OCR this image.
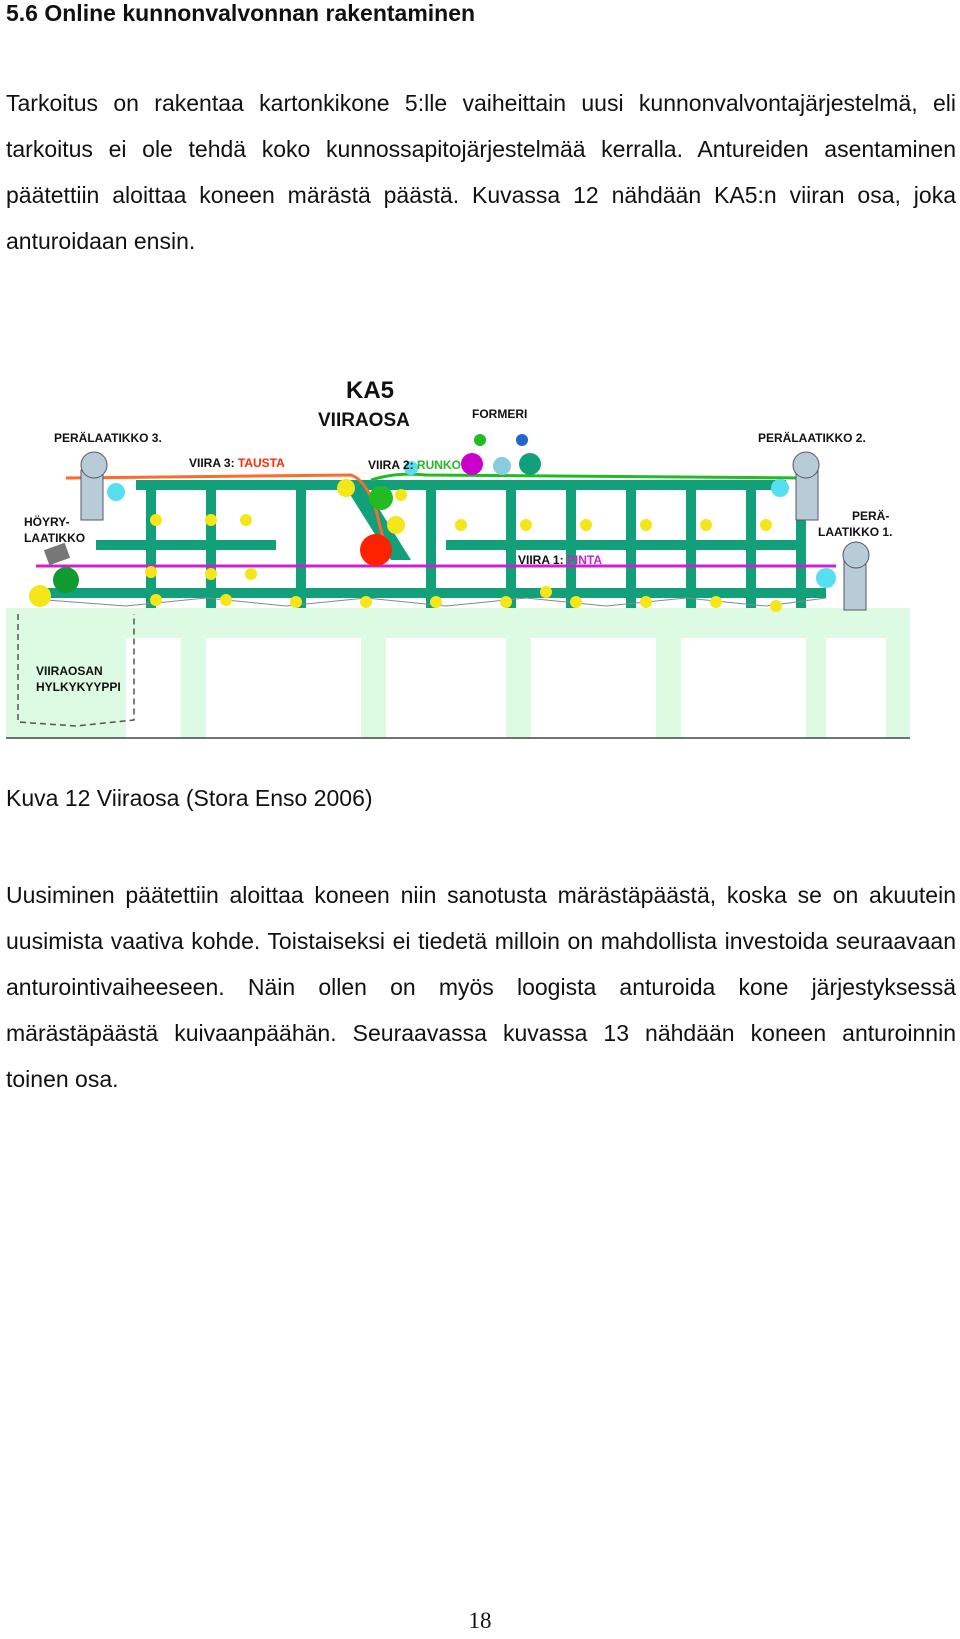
5.6 Online kunnonvalvonnan rakentaminen

Tarkoitus on rakentaa kartonkikone 5:lle vaiheittain uusi kunnonvalvontajärjestelmä, eli tarkoitus ei ole tehdä koko kunnossapitojärjestelmää kerralla. Antureiden asentaminen päätettiin aloittaa koneen märästä päästä. Kuvassa 12 nähdään KA5:n viiran osa, joka anturoidaan ensin.

KA5
VIIRAOSA	FORMERI
PERÄLAATIKKO 3.	PERÄLAATIKKO 2.
PERÄ-
LAATIKKO 1.
HÖYRY-
LAATIKKO
VIIRA 3: TAUSTA	VIIRA 2: RUNKO
VIIRA 1: PINTA
VIIRAOSAN
HYLKYKYYPPI

Kuva 12 Viiraosa (Stora Enso 2006)

Uusiminen päätettiin aloittaa koneen niin sanotusta märästäpäästä, koska se on akuutein uusimista vaativa kohde. Toistaiseksi ei tiedetä milloin on mahdollista investoida seuraavaan anturointivaiheeseen. Näin ollen on myös loogista anturoida kone järjestyksessä märästäpäästä kuivaanpäähän. Seuraavassa kuvassa 13 nähdään koneen anturoinnin toinen osa.

18
